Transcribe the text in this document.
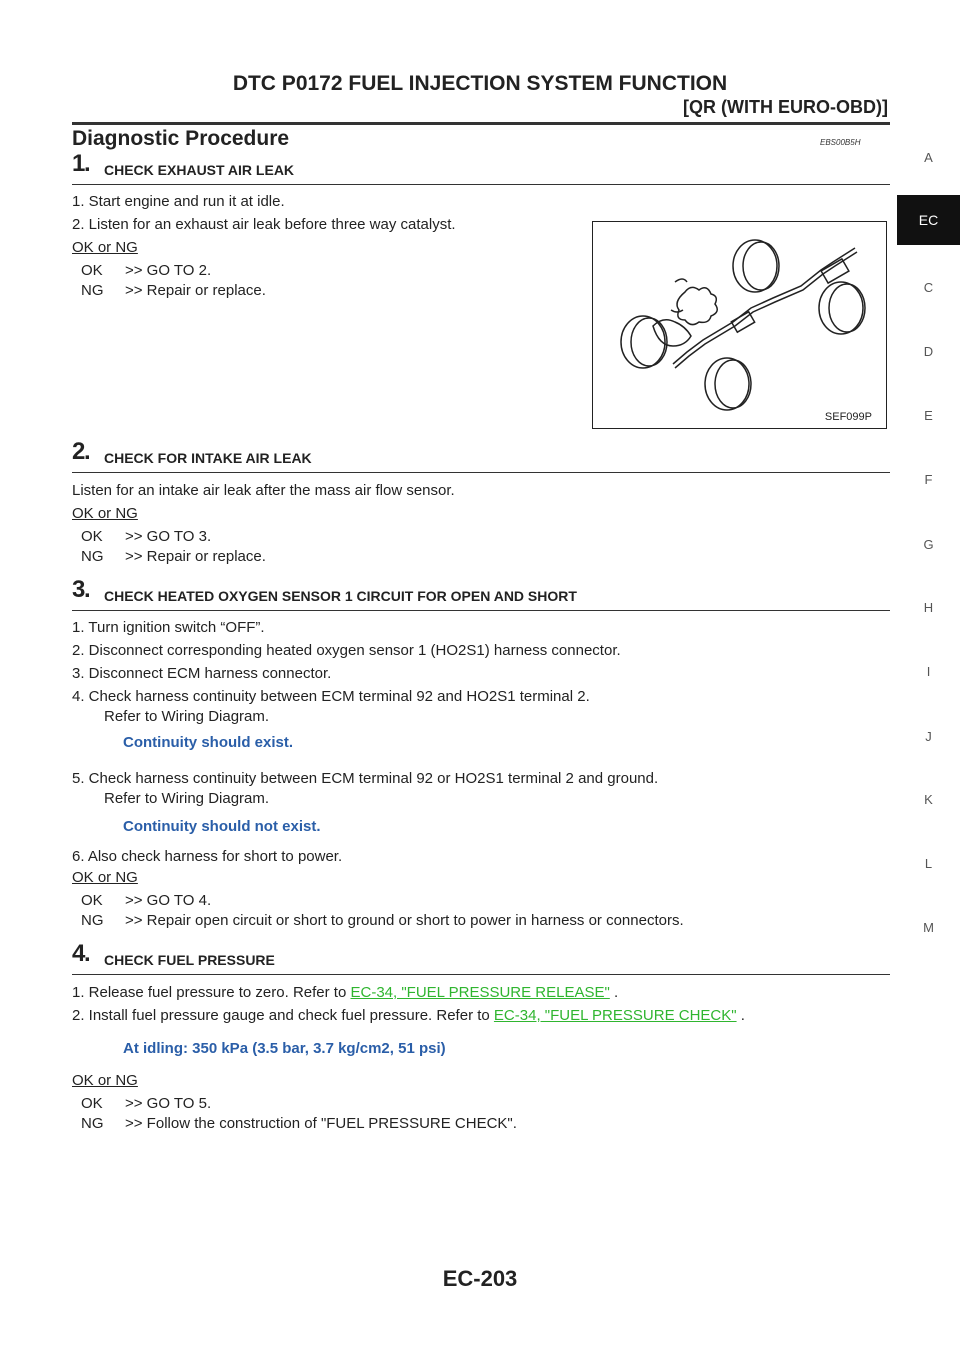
DTC P0172 FUEL INJECTION SYSTEM FUNCTION
[QR (WITH EURO-OBD)]
Diagnostic Procedure	EBS00B5H
1
. CHECK EXHAUST AIR LEAK
1. Start engine and run it at idle.
2. Listen for an exhaust air leak before three way catalyst.
OK or NG
OK >> GO TO 2.
NG >> Repair or replace.
SEF099P
2
. CHECK FOR INTAKE AIR LEAK
Listen for an intake air leak after the mass air flow sensor.
OK or NG
OK >> GO TO 3.
NG >> Repair or replace.
3
. CHECK HEATED OXYGEN SENSOR 1 CIRCUIT FOR OPEN AND SHORT
1. Turn ignition switch “OFF”.
2. Disconnect corresponding heated oxygen sensor 1 (HO2S1) harness connector.
3. Disconnect ECM harness connector.
4. Check harness continuity between ECM terminal 92 and HO2S1 terminal 2.
Refer to Wiring Diagram.
Continuity should exist.
5. Check harness continuity between ECM terminal 92 or HO2S1 terminal 2 and ground.
Refer to Wiring Diagram.
Continuity should not exist.
6. Also check harness for short to power.
OK or NG
OK >> GO TO 4.
NG >> Repair open circuit or short to ground or short to power in harness or connectors.
4
. CHECK FUEL PRESSURE
1. Release fuel pressure to zero. Refer to EC-34, "FUEL PRESSURE RELEASE" .
2. Install fuel pressure gauge and check fuel pressure. Refer to EC-34, "FUEL PRESSURE CHECK" .
At idling: 350 kPa (3.5 bar, 3.7 kg/cm2, 51 psi)
OK or NG
OK >> GO TO 5.
NG >> Follow the construction of "FUEL PRESSURE CHECK".
A
EC
C
D
E
F
G
H
I
J
K
L
M
EC-203
